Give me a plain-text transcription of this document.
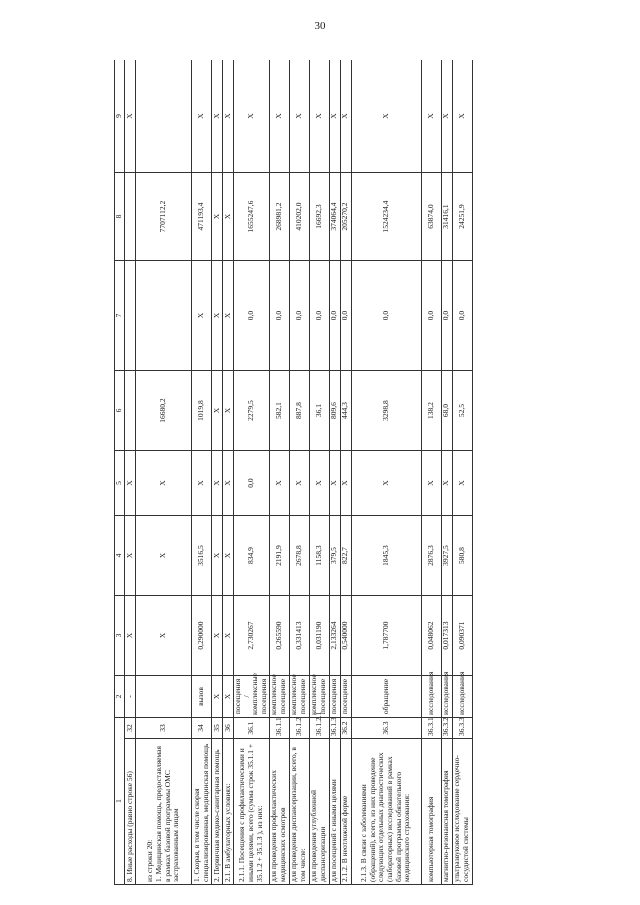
30
1		2	3	4	5	6	7	8	9
8. Иные расходы (равно строке 56)	32	-	X	X	X				X
из строки 20:
1. Медицинская помощь, предоставляемая в рамках базовой программы ОМС застрахованным лицам	33		X	X	X	16680,2		7707112,2	
1. Скорая, в том числе скорая специализированная, медицинская помощь	34	вызов	0,290000	3516,5	X	1019,8	X	471193,4	X
2. Первичная медико-санитарная помощь	35	X	X	X	X	X	X	X	X
2.1. В амбулаторных условиях:	36	X	X	X	X	X	X	X	X
2.1.1. Посещения с профилактическими и иными целями, всего (сумма строк 35.1.1 + 35.1.2 + 35.1.3 ), из них:	36.1	посещения / комплексные посещения	2,730267	834,9	0,0	2279,5	0,0	1655247,6	X
для проведения профилактических медицинских осмотров	36.1.1	комплексное посещение	0,265590	2191,9	X	582,1	0,0	268981,2	X
для проведения диспансеризации, всего, в том числе:	36.1.2	комплексное посещение	0,331413	2678,8	X	887,8	0,0	410202,0	X
для проведения углубленной диспансеризации	36.1.2.1	комплексное посещение	0,031190	1158,3	X	36,1	0,0	16692,3	X
для посещений с иными целями	36.1.3	посещения	2,133264	379,5	X	809,6	0,0	374064,4	X
2.1.2. В неотложной форме	36.2	посещение	0,540000	822,7	X	444,3	0,0	205270,2	X
2.1.3. В связи с заболеваниями (обращений), всего, из них проведение следующих отдельных диагностических (лабораторных) исследований в рамках базовой программы обязательного медицинского страхования:	36.3	обращение	1,787700	1845,3	X	3298,8	0,0	1524234,4	X
компьютерная томография	36.3.1	исследования	0,048062	2876,3	X	138,2	0,0	63874,0	X
магнитно-резонансная томография	36.3.2	исследования	0,017313	3927,5	X	68,0	0,0	31416,1	X
ультразвуковое исследование сердечно-сосудистой системы	36.3.3	исследования	0,090371	580,8	X	52,5	0,0	24251,9	X
